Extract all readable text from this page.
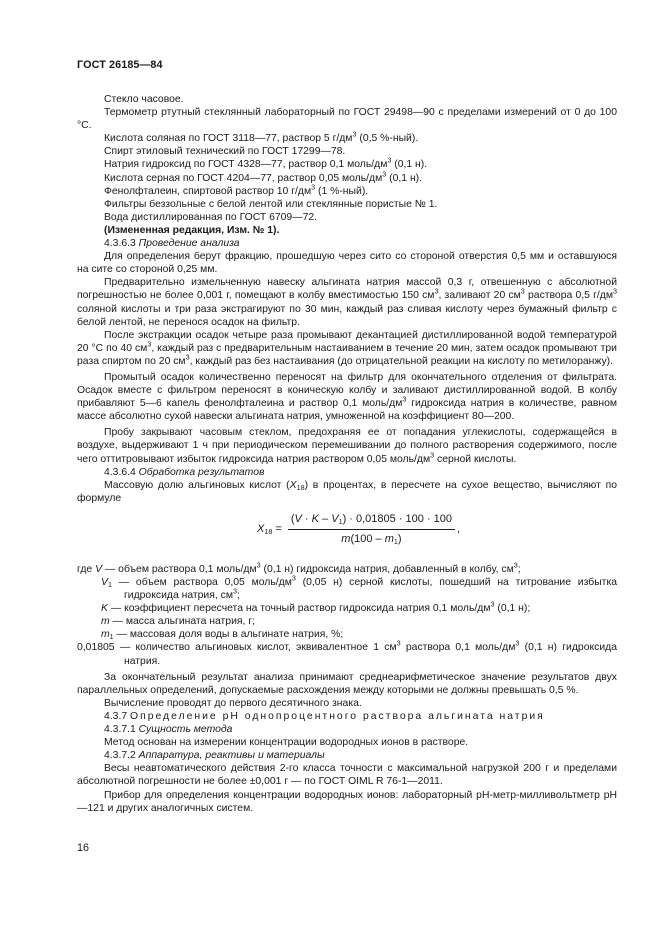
ГОСТ 26185—84

Стекло часовое.

Термометр ртутный стеклянный лабораторный по ГОСТ 29498—90 с пределами измерений от 0 до 100 °С.

Кислота соляная по ГОСТ 3118—77, раствор 5 $г/дм^3$ (0,5 %-ный).

Спирт этиловый технический по ГОСТ 17299—78.

Натрия гидроксид по ГОСТ 4328—77, раствор 0,1 моль/$дм^3$ (0,1 н).

Кислота серная по ГОСТ 4204—77, раствор 0,05 моль/$дм^3$ (0,1 н).

Фенолфталеин, спиртовой раствор 10 $г/дм^3$ (1 %-ный).

Фильтры беззольные с белой лентой или стеклянные пористые № 1.

Вода дистиллированная по ГОСТ 6709—72.

(Измененная редакция, Изм. № 1).

4.3.6.3 Проведение анализа

Для определения берут фракцию, прошедшую через сито со стороной отверстия 0,5 мм и оставшуюся на сите со стороной 0,25 мм.

Предварительно измельченную навеску альгината натрия массой 0,3 г, отвешенную с абсолютной погрешностью не более 0,001 г, помещают в колбу вместимостью 150 $см^3$, заливают 20 $см^3$ раствора 0,5 $г/дм^3$ соляной кислоты и три раза экстрагируют по 30 мин, каждый раз сливая кислоту через бумажный фильтр с белой лентой, не перенося осадок на фильтр.

После экстракции осадок четыре раза промывают декантацией дистиллированной водой температурой 20 °С по 40 $см^3$, каждый раз с предварительным настаиванием в течение 20 мин, затем осадок промывают три раза спиртом по 20 $см^3$, каждый раз без настаивания (до отрицательной реакции на кислоту по метилоранжу).

Промытый осадок количественно переносят на фильтр для окончательного отделения от фильтрата. Осадок вместе с фильтром переносят в коническую колбу и заливают дистиллированной водой. В колбу прибавляют 5—6 капель фенолфталеина и раствор 0,1 моль/$дм^3$ гидроксида натрия в количестве, равном массе абсолютно сухой навески альгината натрия, умноженной на коэффициент 80—200.

Пробу закрывают часовым стеклом, предохраняя ее от попадания углекислоты, содержащейся в воздухе, выдерживают 1 ч при периодическом перемешивании до полного растворения содержимого, после чего оттитровывают избыток гидроксида натрия раствором 0,05 моль/$дм^3$ серной кислоты.

4.3.6.4 Обработка результатов

Массовую долю альгиновых кислот $(X_{18})$ в процентах, в пересчете на сухое вещество, вычисляют по формуле

$X_{18} = \frac{(V \cdot K - V_1) \cdot 0,01805 \cdot 100 \cdot 100}{m(100 - m_1)}$ ,

где V — объем раствора 0,1 моль/$дм^3$ (0,1 н) гидроксида натрия, добавленный в колбу, $см^3$;

$V_1$ — объем раствора 0,05 моль/$дм^3$ (0,05 н) серной кислоты, пошедший на титрование избытка гидроксида натрия, $см^3$;

K — коэффициент пересчета на точный раствор гидроксида натрия 0,1 моль/$дм^3$ (0,1 н);

m — масса альгината натрия, г;

$m_1$ — массовая доля воды в альгинате натрия, %;

0,01805 — количество альгиновых кислот, эквивалентное 1 $см^3$ раствора 0,1 моль/$дм^3$ (0,1 н) гидроксида натрия.

За окончательный результат анализа принимают среднеарифметическое значение результатов двух параллельных определений, допускаемые расхождения между которыми не должны превышать 0,5 %.

Вычисление проводят до первого десятичного знака.

4.3.7 Определение рН однопроцентного раствора альгината натрия

4.3.7.1 Сущность метода

Метод основан на измерении концентрации водородных ионов в растворе.

4.3.7.2 Аппаратура, реактивы и материалы

Весы неавтоматического действия 2-го класса точности с максимальной нагрузкой 200 г и пределами абсолютной погрешности не более ±0,001 г — по ГОСТ OIML R 76-1—2011.

Прибор для определения концентрации водородных ионов: лабораторный рН-метр-милливольтметр рН—121 и других аналогичных систем.

16
